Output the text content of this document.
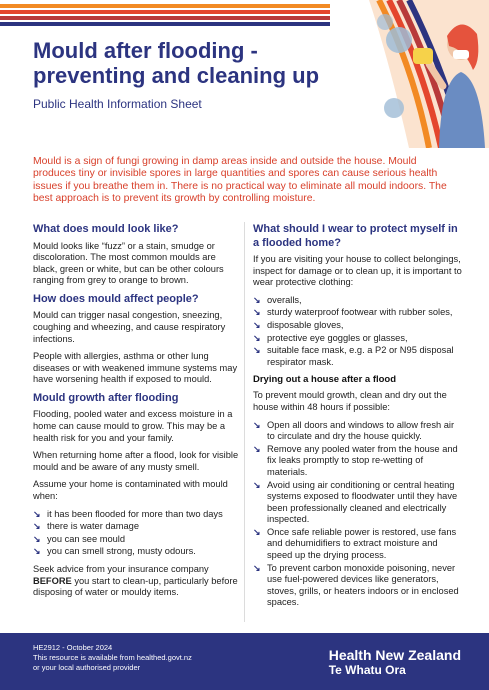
Mould after flooding - preventing and cleaning up
Public Health Information Sheet

Mould is a sign of fungi growing in damp areas inside and outside the house. Mould produces tiny or invisible spores in large quantities and spores can cause serious health issues if you breathe them in. There is no practical way to eliminate all mould indoors. The best approach is to prevent its growth by controlling moisture.

What does mould look like?

Mould looks like “fuzz” or a stain, smudge or discoloration. The most common moulds are black, green or white, but can be other colours ranging from grey to orange to brown.

How does mould affect people?

Mould can trigger nasal congestion, sneezing, coughing and wheezing, and cause respiratory infections.

People with allergies, asthma or other lung diseases or with weakened immune systems may have worsening health if exposed to mould.

Mould growth after flooding

Flooding, pooled water and excess moisture in a home can cause mould to grow. This may be a health risk for you and your family.

When returning home after a flood, look for visible mould and be aware of any musty smell.

Assume your home is contaminated with mould when:

↘ it has been flooded for more than two days
↘ there is water damage
↘ you can see mould
↘ you can smell strong, musty odours.

Seek advice from your insurance company BEFORE you start to clean-up, particularly before disposing of water or mouldy items.

What should I wear to protect myself in a flooded home?

If you are visiting your house to collect belongings, inspect for damage or to clean up, it is important to wear protective clothing:

↘ overalls,
↘ sturdy waterproof footwear with rubber soles,
↘ disposable gloves,
↘ protective eye goggles or glasses,
↘ suitable face mask, e.g. a P2 or N95 disposal respirator mask.
Drying out a house after a flood

To prevent mould growth, clean and dry out the house within 48 hours if possible:

↘ Open all doors and windows to allow fresh air to circulate and dry the house quickly.
↘ Remove any pooled water from the house and fix leaks promptly to stop re-wetting of materials.
↘ Avoid using air conditioning or central heating systems exposed to floodwater until they have been professionally cleaned and electrically inspected.
↘ Once safe reliable power is restored, use fans and dehumidifiers to extract moisture and speed up the drying process.
↘ To prevent carbon monoxide poisoning, never use fuel-powered devices like generators, stoves, grills, or heaters indoors or in enclosed spaces.
HE2912 - October 2024
This resource is available from healthed.govt.nz
or your local authorised provider
Health New Zealand
Te Whatu Ora
